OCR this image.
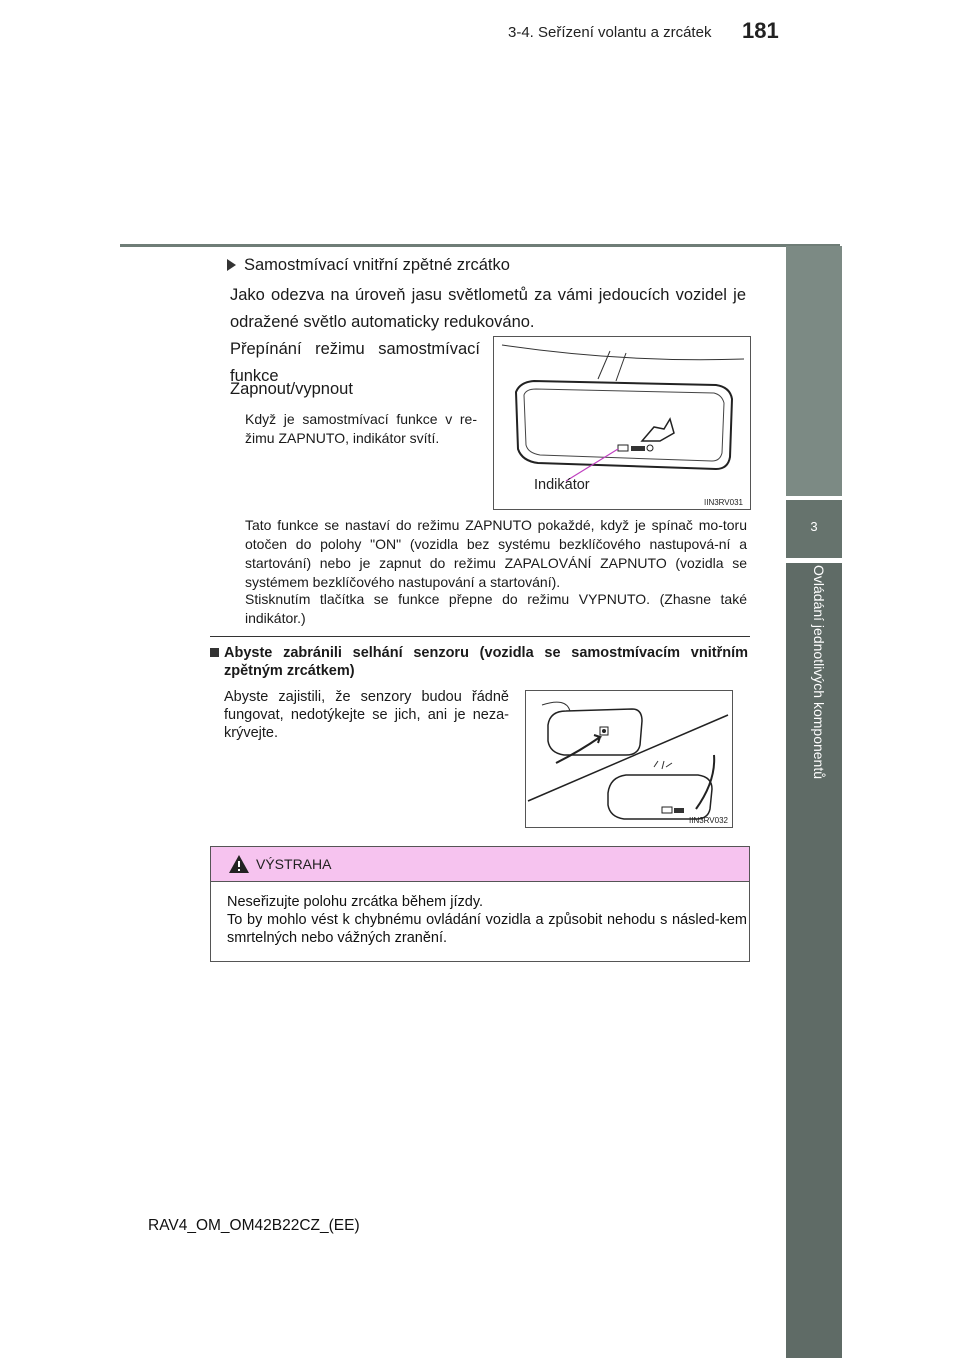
3-4. Seřízení volantu a zrcátek 181
3
Ovládání jednotlivých komponentů
Samostmívací vnitřní zpětné zrcátko
Jako odezva na úroveň jasu světlometů za vámi jedoucích vozidel je odražené světlo automaticky redukováno.
Přepínání režimu samostmívací funkce
Zapnout/vypnout
Když je samostmívací funkce v re-žimu ZAPNUTO, indikátor svítí.
Indikátor
IIN3RV031
Tato funkce se nastaví do režimu ZAPNUTO pokaždé, když je spínač mo-toru otočen do polohy "ON" (vozidla bez systému bezklíčového nastupová-ní a startování) nebo je zapnut do režimu ZAPALOVÁNÍ ZAPNUTO (vozidla se systémem bezklíčového nastupování a startování).
Stisknutím tlačítka se funkce přepne do režimu VYPNUTO. (Zhasne také indikátor.)
Abyste zabránili selhání senzoru (vozidla se samostmívacím vnitřním zpětným zrcátkem)
Abyste zajistili, že senzory budou řádně fungovat, nedotýkejte se jich, ani je neza-krývejte.
IIN3RV032
VÝSTRAHA
Neseřizujte polohu zrcátka během jízdy.
To by mohlo vést k chybnému ovládání vozidla a způsobit nehodu s násled-kem smrtelných nebo vážných zranění.
RAV4_OM_OM42B22CZ_(EE)
